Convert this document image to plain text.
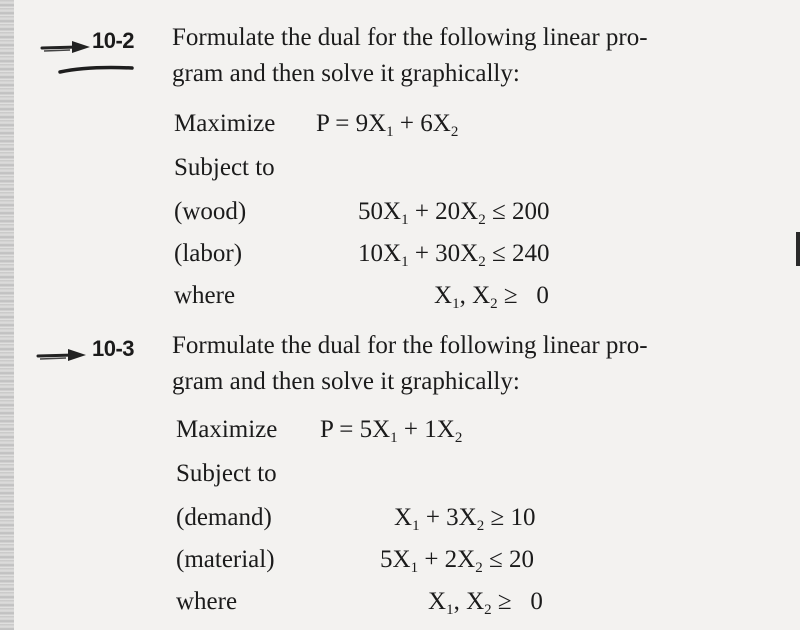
10-2 Formulate the dual for the following linear pro-
gram and then solve it graphically:
Maximize $P = 9X_1 + 6X_2$
Subject to
(wood)	$50X_1 + 20X_2 \le 200$
(labor)	$10X_1 + 30X_2 \le 240$
where	$X_1$, $X_2 \ge 0$
10-3 Formulate the dual for the following linear pro-
gram and then solve it graphically:
Maximize $P = 5X_1 + 1X_2$
Subject to
(demand)	$X_1 + 3X_2 \ge 10$
(material)	$5X_1 + 2X_2 \le 20$
where	$X_1$, $X_2 \ge 0$
